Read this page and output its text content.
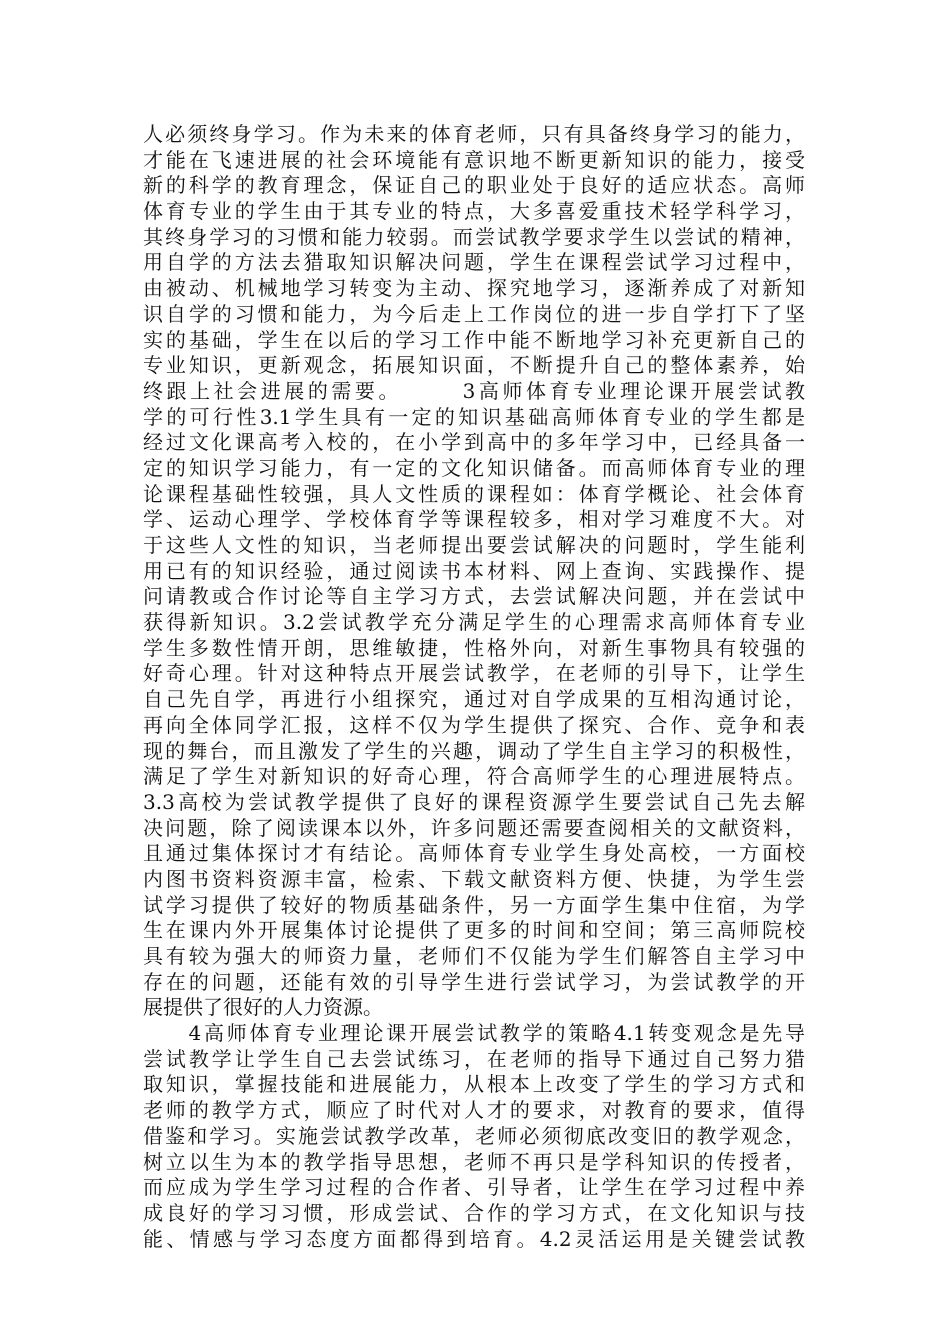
人必须终身学习。作为未来的体育老师，只有具备终身学习的能力，
才能在飞速进展的社会环境能有意识地不断更新知识的能力，接受
新的科学的教育理念，保证自己的职业处于良好的适应状态。高师
体育专业的学生由于其专业的特点，大多喜爱重技术轻学科学习，
其终身学习的习惯和能力较弱。而尝试教学要求学生以尝试的精神，
用自学的方法去猎取知识解决问题，学生在课程尝试学习过程中，
由被动、机械地学习转变为主动、探究地学习，逐渐养成了对新知
识自学的习惯和能力，为今后走上工作岗位的进一步自学打下了坚
实的基础，学生在以后的学习工作中能不断地学习补充更新自己的
专业知识，更新观念，拓展知识面，不断提升自己的整体素养，始
终跟上社会进展的需要。　　　3高师体育专业理论课开展尝试教
学的可行性3.1学生具有一定的知识基础高师体育专业的学生都是
经过文化课高考入校的，在小学到高中的多年学习中，已经具备一
定的知识学习能力，有一定的文化知识储备。而高师体育专业的理
论课程基础性较强，具人文性质的课程如：体育学概论、社会体育
学、运动心理学、学校体育学等课程较多，相对学习难度不大。对
于这些人文性的知识，当老师提出要尝试解决的问题时，学生能利
用已有的知识经验，通过阅读书本材料、网上查询、实践操作、提
问请教或合作讨论等自主学习方式，去尝试解决问题，并在尝试中
获得新知识。3.2尝试教学充分满足学生的心理需求高师体育专业
学生多数性情开朗，思维敏捷，性格外向，对新生事物具有较强的
好奇心理。针对这种特点开展尝试教学，在老师的引导下，让学生
自己先自学，再进行小组探究，通过对自学成果的互相沟通讨论，
再向全体同学汇报，这样不仅为学生提供了探究、合作、竞争和表
现的舞台，而且激发了学生的兴趣，调动了学生自主学习的积极性，
满足了学生对新知识的好奇心理，符合高师学生的心理进展特点。
3.3高校为尝试教学提供了良好的课程资源学生要尝试自己先去解
决问题，除了阅读课本以外，许多问题还需要查阅相关的文献资料，
且通过集体探讨才有结论。高师体育专业学生身处高校，一方面校
内图书资料资源丰富，检索、下载文献资料方便、快捷，为学生尝
试学习提供了较好的物质基础条件，另一方面学生集中住宿，为学
生在课内外开展集体讨论提供了更多的时间和空间；第三高师院校
具有较为强大的师资力量，老师们不仅能为学生们解答自主学习中
存在的问题，还能有效的引导学生进行尝试学习，为尝试教学的开
展提供了很好的人力资源。
　　4高师体育专业理论课开展尝试教学的策略4.1转变观念是先导
尝试教学让学生自己去尝试练习，在老师的指导下通过自己努力猎
取知识，掌握技能和进展能力，从根本上改变了学生的学习方式和
老师的教学方式，顺应了时代对人才的要求，对教育的要求，值得
借鉴和学习。实施尝试教学改革，老师必须彻底改变旧的教学观念，
树立以生为本的教学指导思想，老师不再只是学科知识的传授者，
而应成为学生学习过程的合作者、引导者，让学生在学习过程中养
成良好的学习习惯，形成尝试、合作的学习方式，在文化知识与技
能、情感与学习态度方面都得到培育。4.2灵活运用是关键尝试教
